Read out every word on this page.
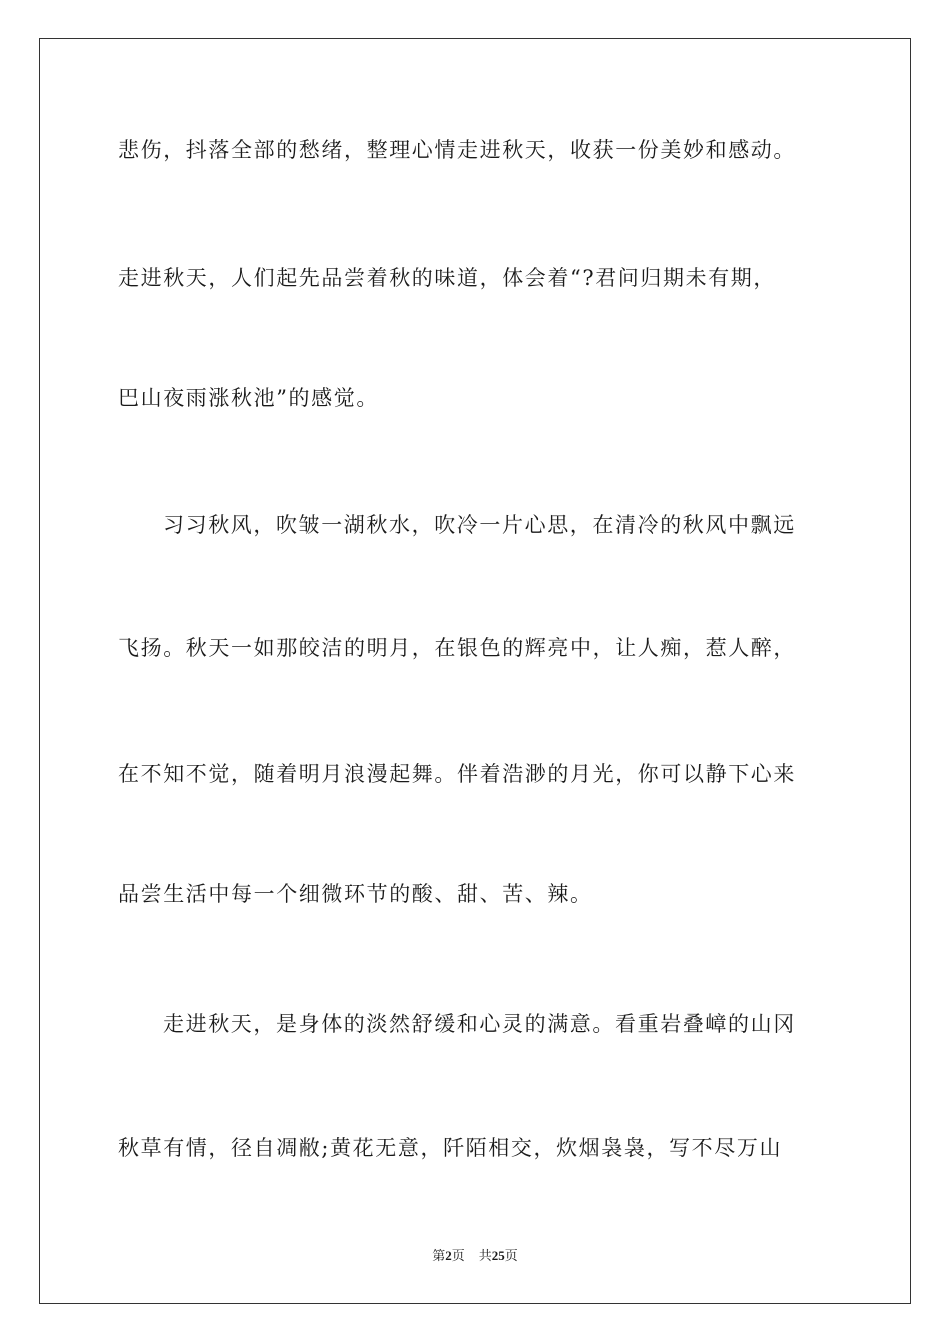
悲伤，抖落全部的愁绪，整理心情走进秋天，收获一份美妙和感动。
走进秋天，人们起先品尝着秋的味道，体会着“?君问归期未有期，
巴山夜雨涨秋池”的感觉。
习习秋风，吹皱一湖秋水，吹冷一片心思，在清冷的秋风中飘远
飞扬。秋天一如那皎洁的明月，在银色的辉亮中，让人痴，惹人醉，
在不知不觉，随着明月浪漫起舞。伴着浩渺的月光，你可以静下心来
品尝生活中每一个细微环节的酸、甜、苦、辣。
走进秋天，是身体的淡然舒缓和心灵的满意。看重岩叠嶂的山冈
秋草有情，径自凋敝;黄花无意，阡陌相交，炊烟袅袅，写不尽万山
第2页 共25页
